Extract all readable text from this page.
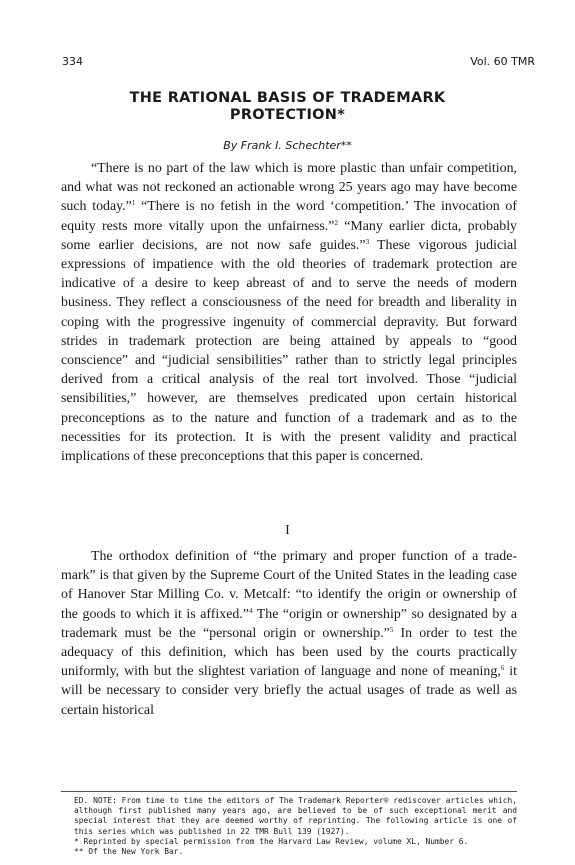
334	Vol. 60 TMR
THE RATIONAL BASIS OF TRADEMARK
PROTECTION*
By Frank I. Schechter**

“There is no part of the law which is more plastic than unfair competition, and what was not reckoned an actionable wrong 25 years ago may have become such today.”$^1$ “There is no fetish in the word ‘competition.’ The invocation of equity rests more vitally upon the unfairness.”$^2$ “Many earlier dicta, probably some earlier decisions, are not now safe guides.”$^3$ These vigorous judicial expressions of impatience with the old theories of trademark protection are indicative of a desire to keep abreast of and to serve the needs of modern business. They reflect a consciousness of the need for breadth and liberality in coping with the progressive ingenuity of commercial depravity. But forward strides in trademark protection are being attained by appeals to “good conscience” and “judicial sensibilities” rather than to strictly legal principles derived from a critical analysis of the real tort involved. Those “judicial sensibilities,” however, are themselves predicated upon certain historical preconceptions as to the nature and function of a trademark and as to the necessities for its protection. It is with the present validity and practical implications of these preconceptions that this paper is concerned.

I

The orthodox definition of “the primary and proper function of a trade-mark” is that given by the Supreme Court of the United States in the leading case of Hanover Star Milling Co. v. Metcalf: “to identify the origin or ownership of the goods to which it is affixed.”$^4$ The “origin or ownership” so designated by a trademark must be the “personal origin or ownership.”$^5$ In order to test the adequacy of this definition, which has been used by the courts practically uniformly, with but the slightest variation of language and none of meaning,$^6$ it will be necessary to consider very briefly the actual usages of trade as well as certain historical

ED. NOTE: From time to time the editors of The Trademark Reporter® rediscover articles which, although first published many years ago, are believed to be of such exceptional merit and special interest that they are deemed worthy of reprinting. The following article is one of this series which was published in 22 TMR Bull 139 (1927).

* Reprinted by special permission from the Harvard Law Review, volume XL, Number 6.

** Of the New York Bar.
